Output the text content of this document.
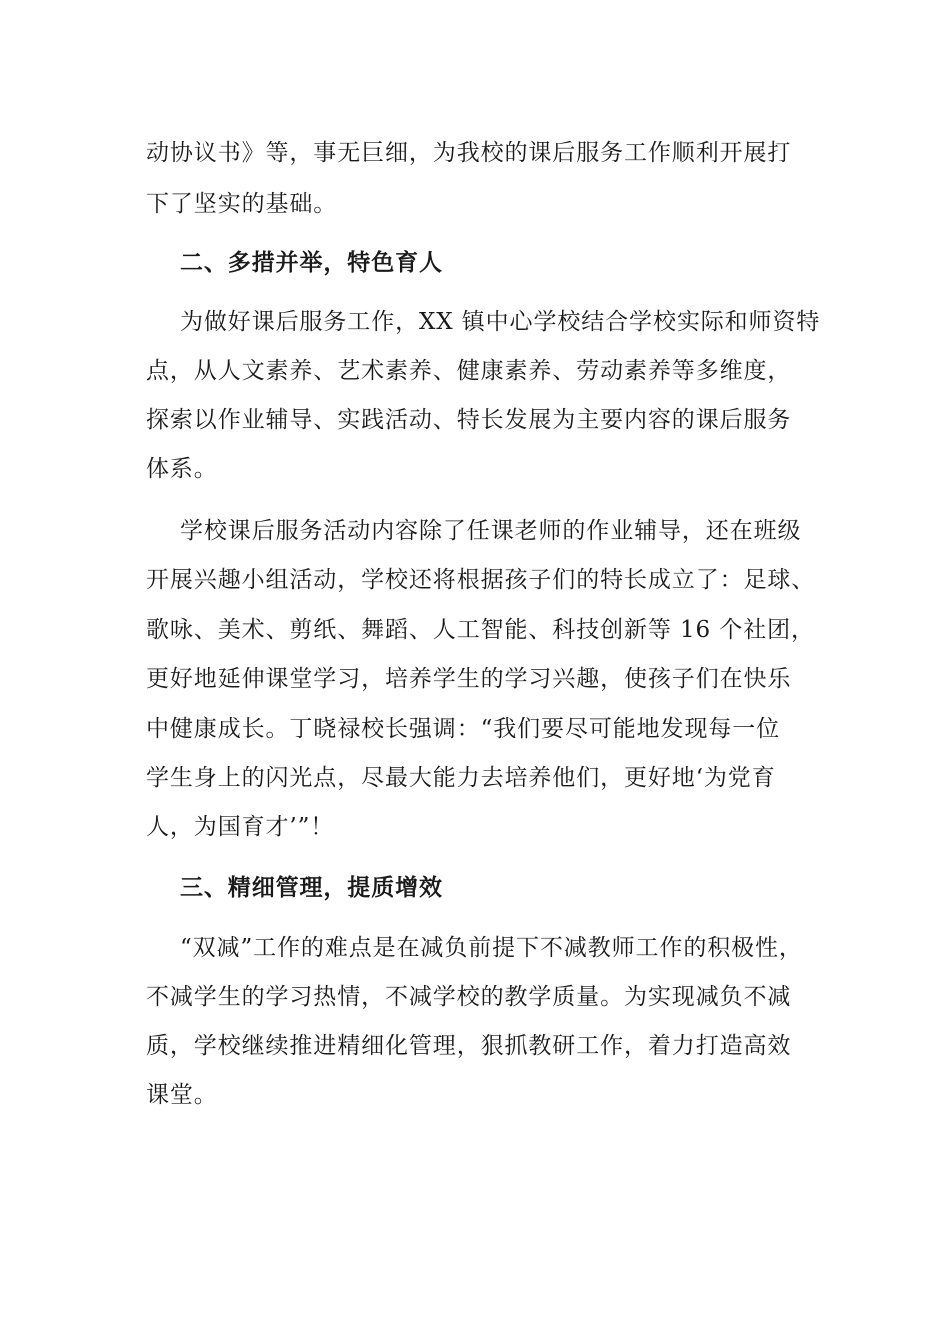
动协议书》等，事无巨细，为我校的课后服务工作顺利开展打
下了坚实的基础。
二、多措并举，特色育人
为做好课后服务工作，XX 镇中心学校结合学校实际和师资特
点，从人文素养、艺术素养、健康素养、劳动素养等多维度，
探索以作业辅导、实践活动、特长发展为主要内容的课后服务
体系。
学校课后服务活动内容除了任课老师的作业辅导，还在班级
开展兴趣小组活动，学校还将根据孩子们的特长成立了：足球、
歌咏、美术、剪纸、舞蹈、人工智能、科技创新等 16 个社团，
更好地延伸课堂学习，培养学生的学习兴趣，使孩子们在快乐
中健康成长。丁晓禄校长强调：“我们要尽可能地发现每一位
学生身上的闪光点，尽最大能力去培养他们，更好地‘为党育
人，为国育才’”！
三、精细管理，提质增效
“双减”工作的难点是在减负前提下不减教师工作的积极性，
不减学生的学习热情，不减学校的教学质量。为实现减负不减
质，学校继续推进精细化管理，狠抓教研工作，着力打造高效
课堂。
